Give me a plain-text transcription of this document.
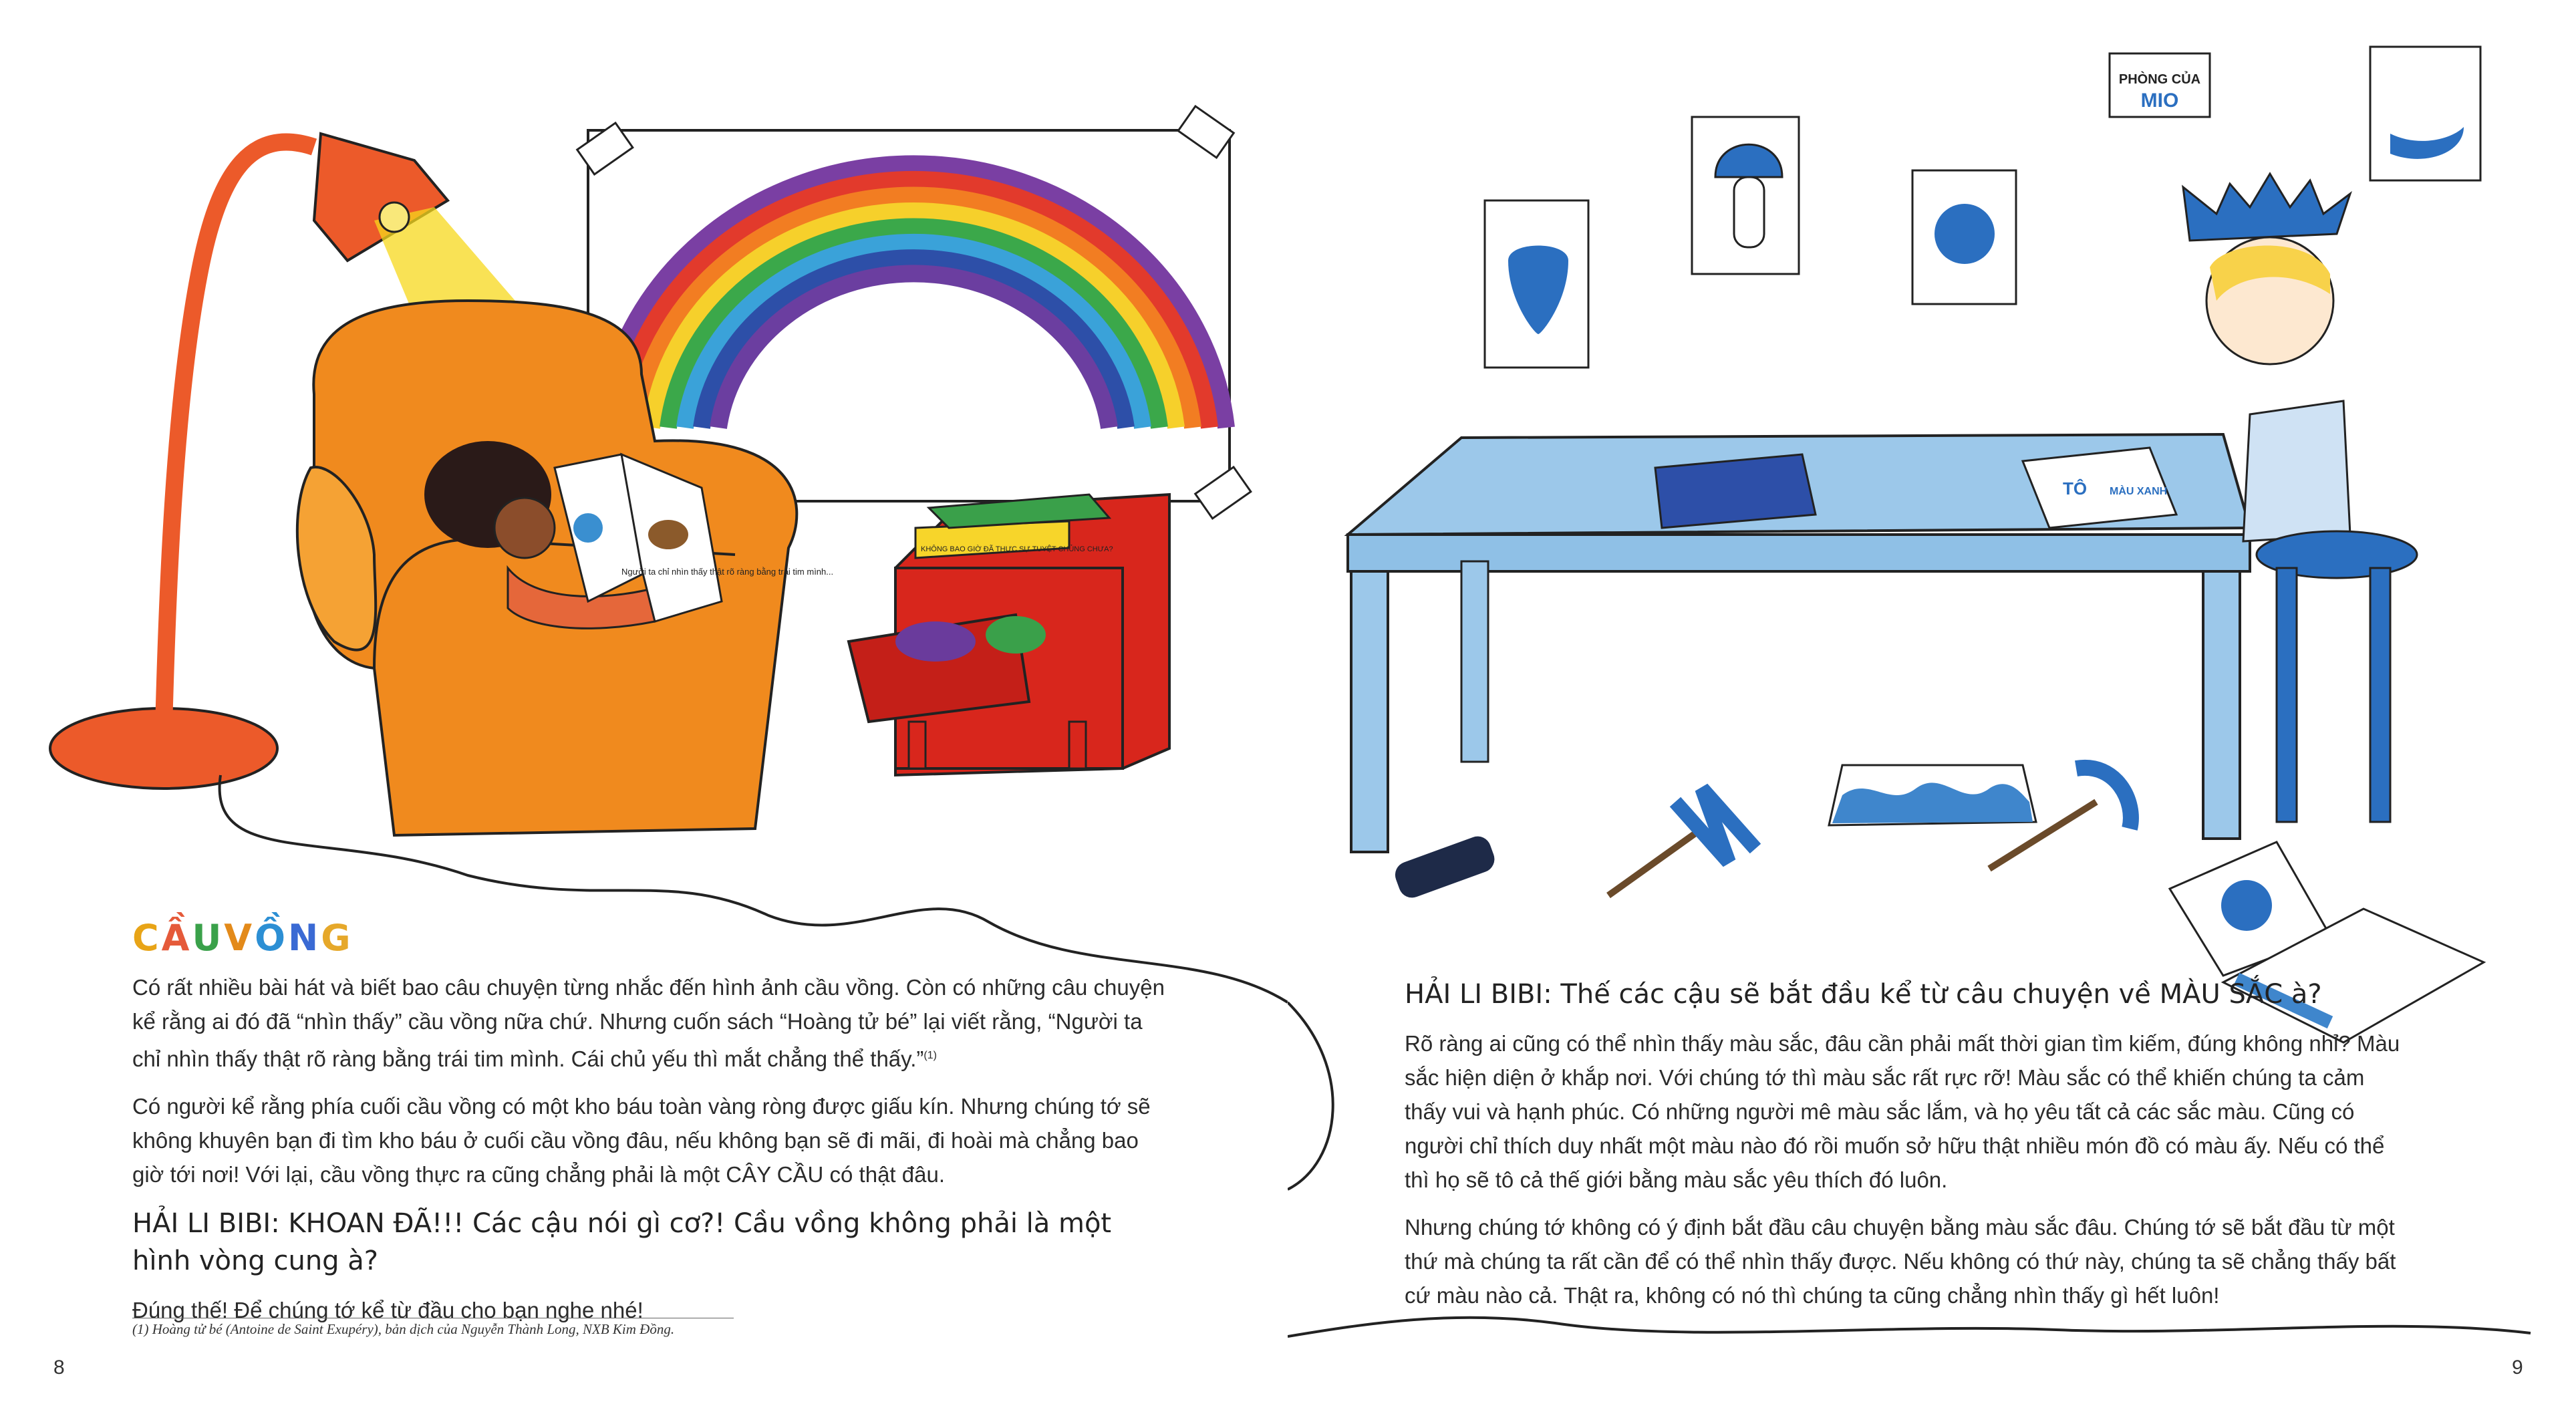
Người ta chỉ nhìn thấy thật rõ ràng bằng trái tim mình...
KHÔNG BAO GIỜ ĐÃ THỰC SỰ TUYỆT CHỦNG CHƯA?
CẦUVỒNG

Có rất nhiều bài hát và biết bao câu chuyện từng nhắc đến hình ảnh cầu vồng. Còn có những câu chuyện kể rằng ai đó đã “nhìn thấy” cầu vồng nữa chứ. Nhưng cuốn sách “Hoàng tử bé” lại viết rằng, “Người ta chỉ nhìn thấy thật rõ ràng bằng trái tim mình. Cái chủ yếu thì mắt chẳng thể thấy.”$^{(1)}$

Có người kể rằng phía cuối cầu vồng có một kho báu toàn vàng ròng được giấu kín. Nhưng chúng tớ sẽ không khuyên bạn đi tìm kho báu ở cuối cầu vồng đâu, nếu không bạn sẽ đi mãi, đi hoài mà chẳng bao giờ tới nơi! Với lại, cầu vồng thực ra cũng chẳng phải là một CÂY CẦU có thật đâu.

HẢI LI BIBI: KHOAN ĐÃ!!! Các cậu nói gì cơ?! Cầu vồng không phải là một hình vòng cung à?

Đúng thế! Để chúng tớ kể từ đầu cho bạn nghe nhé!

(1) Hoàng tử bé (Antoine de Saint Exupéry), bản dịch của Nguyễn Thành Long, NXB Kim Đồng.
8
PHÒNG CỦA
MIO
TÔ MÀU XANH

HẢI LI BIBI: Thế các cậu sẽ bắt đầu kể từ câu chuyện về MÀU SẮC à?

Rõ ràng ai cũng có thể nhìn thấy màu sắc, đâu cần phải mất thời gian tìm kiếm, đúng không nhỉ? Màu sắc hiện diện ở khắp nơi. Với chúng tớ thì màu sắc rất rực rỡ! Màu sắc có thể khiến chúng ta cảm thấy vui và hạnh phúc. Có những người mê màu sắc lắm, và họ yêu tất cả các sắc màu. Cũng có người chỉ thích duy nhất một màu nào đó rồi muốn sở hữu thật nhiều món đồ có màu ấy. Nếu có thể thì họ sẽ tô cả thế giới bằng màu sắc yêu thích đó luôn.

Nhưng chúng tớ không có ý định bắt đầu câu chuyện bằng màu sắc đâu. Chúng tớ sẽ bắt đầu từ một thứ mà chúng ta rất cần để có thể nhìn thấy được. Nếu không có thứ này, chúng ta sẽ chẳng thấy bất cứ màu nào cả. Thật ra, không có nó thì chúng ta cũng chẳng nhìn thấy gì hết luôn!

9
